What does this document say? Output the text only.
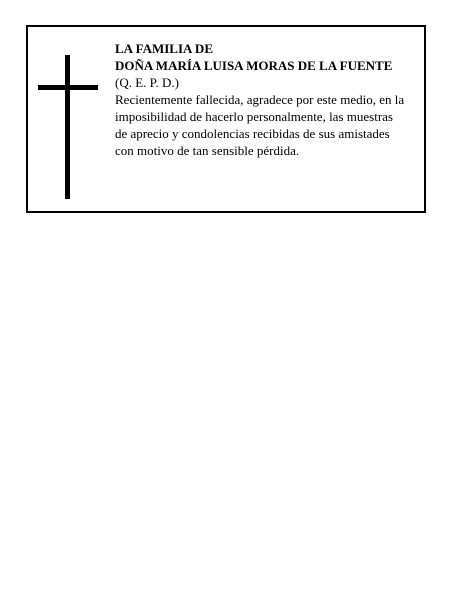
LA FAMILIA DE
DOÑA MARÍA LUISA MORAS DE LA FUENTE
(Q. E. P. D.)
Recientemente fallecida, agradece por este medio, en la
imposibilidad de hacerlo personalmente, las muestras
de aprecio y condolencias recibidas de sus amistades
con motivo de tan sensible pérdida.
